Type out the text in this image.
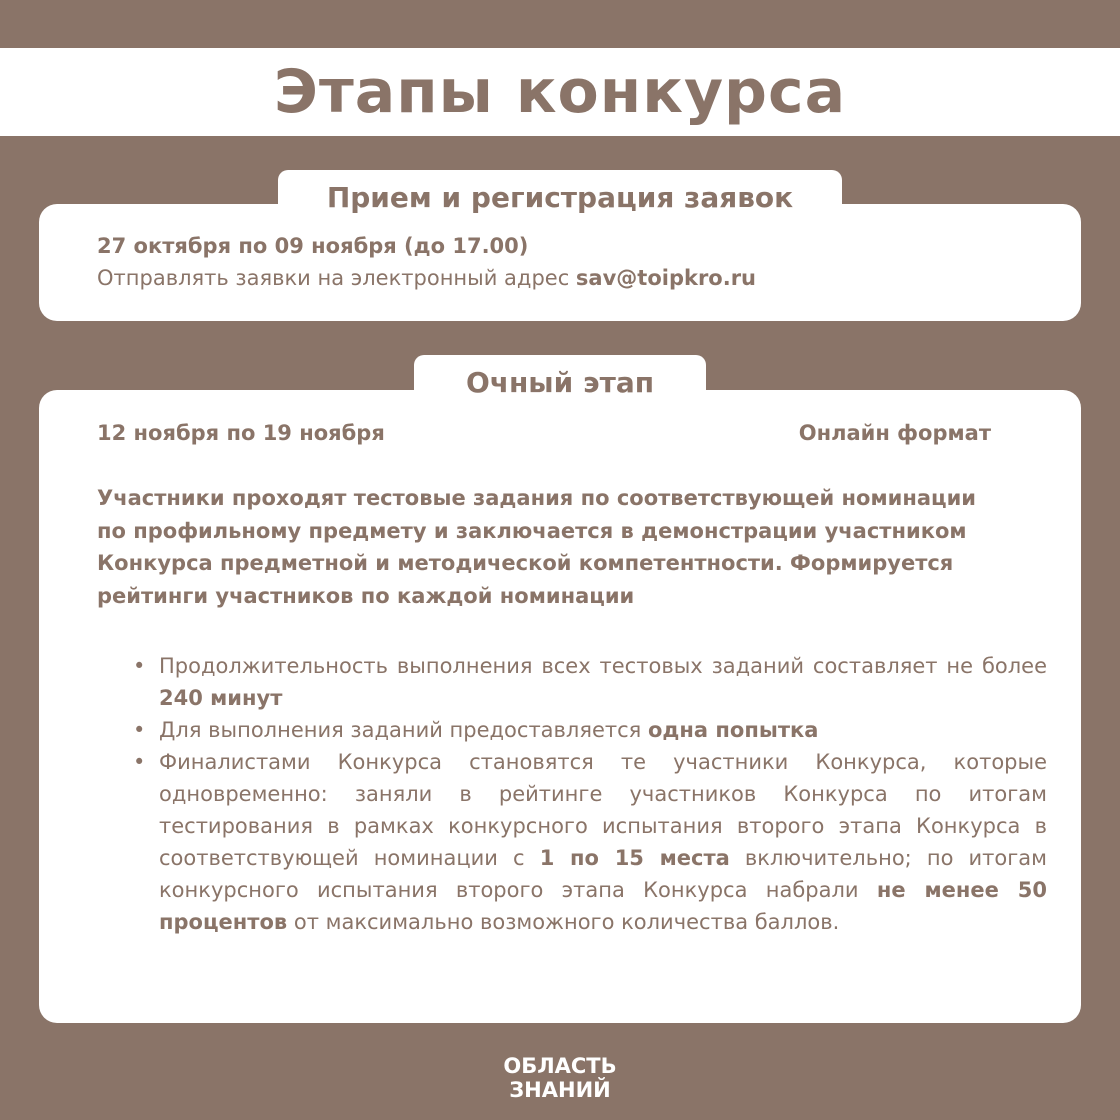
Этапы конкурса
27 октября по 09 ноября (до 17.00)
Отправлять заявки на электронный адрес sav@toipkro.ru
Прием и регистрация заявок
12 ноября по 19 ноября	Онлайн формат
Участники проходят тестовые задания по соответствующей номинации по профильному предмету и заключается в демонстрации участником Конкурса предметной и методической компетентности. Формируется рейтинги участников по каждой номинации
• Продолжительность выполнения всех тестовых заданий составляет не более 240 минут
• Для выполнения заданий предоставляется одна попытка
• Финалистами Конкурса становятся те участники Конкурса, которые одновременно: заняли в рейтинге участников Конкурса по итогам тестирования в рамках конкурсного испытания второго этапа Конкурса в соответствующей номинации с 1 по 15 места включительно; по итогам конкурсного испытания второго этапа Конкурса набрали не менее 50 процентов от максимально возможного количества баллов.
Очный этап
ОБЛАСТЬ
ЗНАНИЙ
